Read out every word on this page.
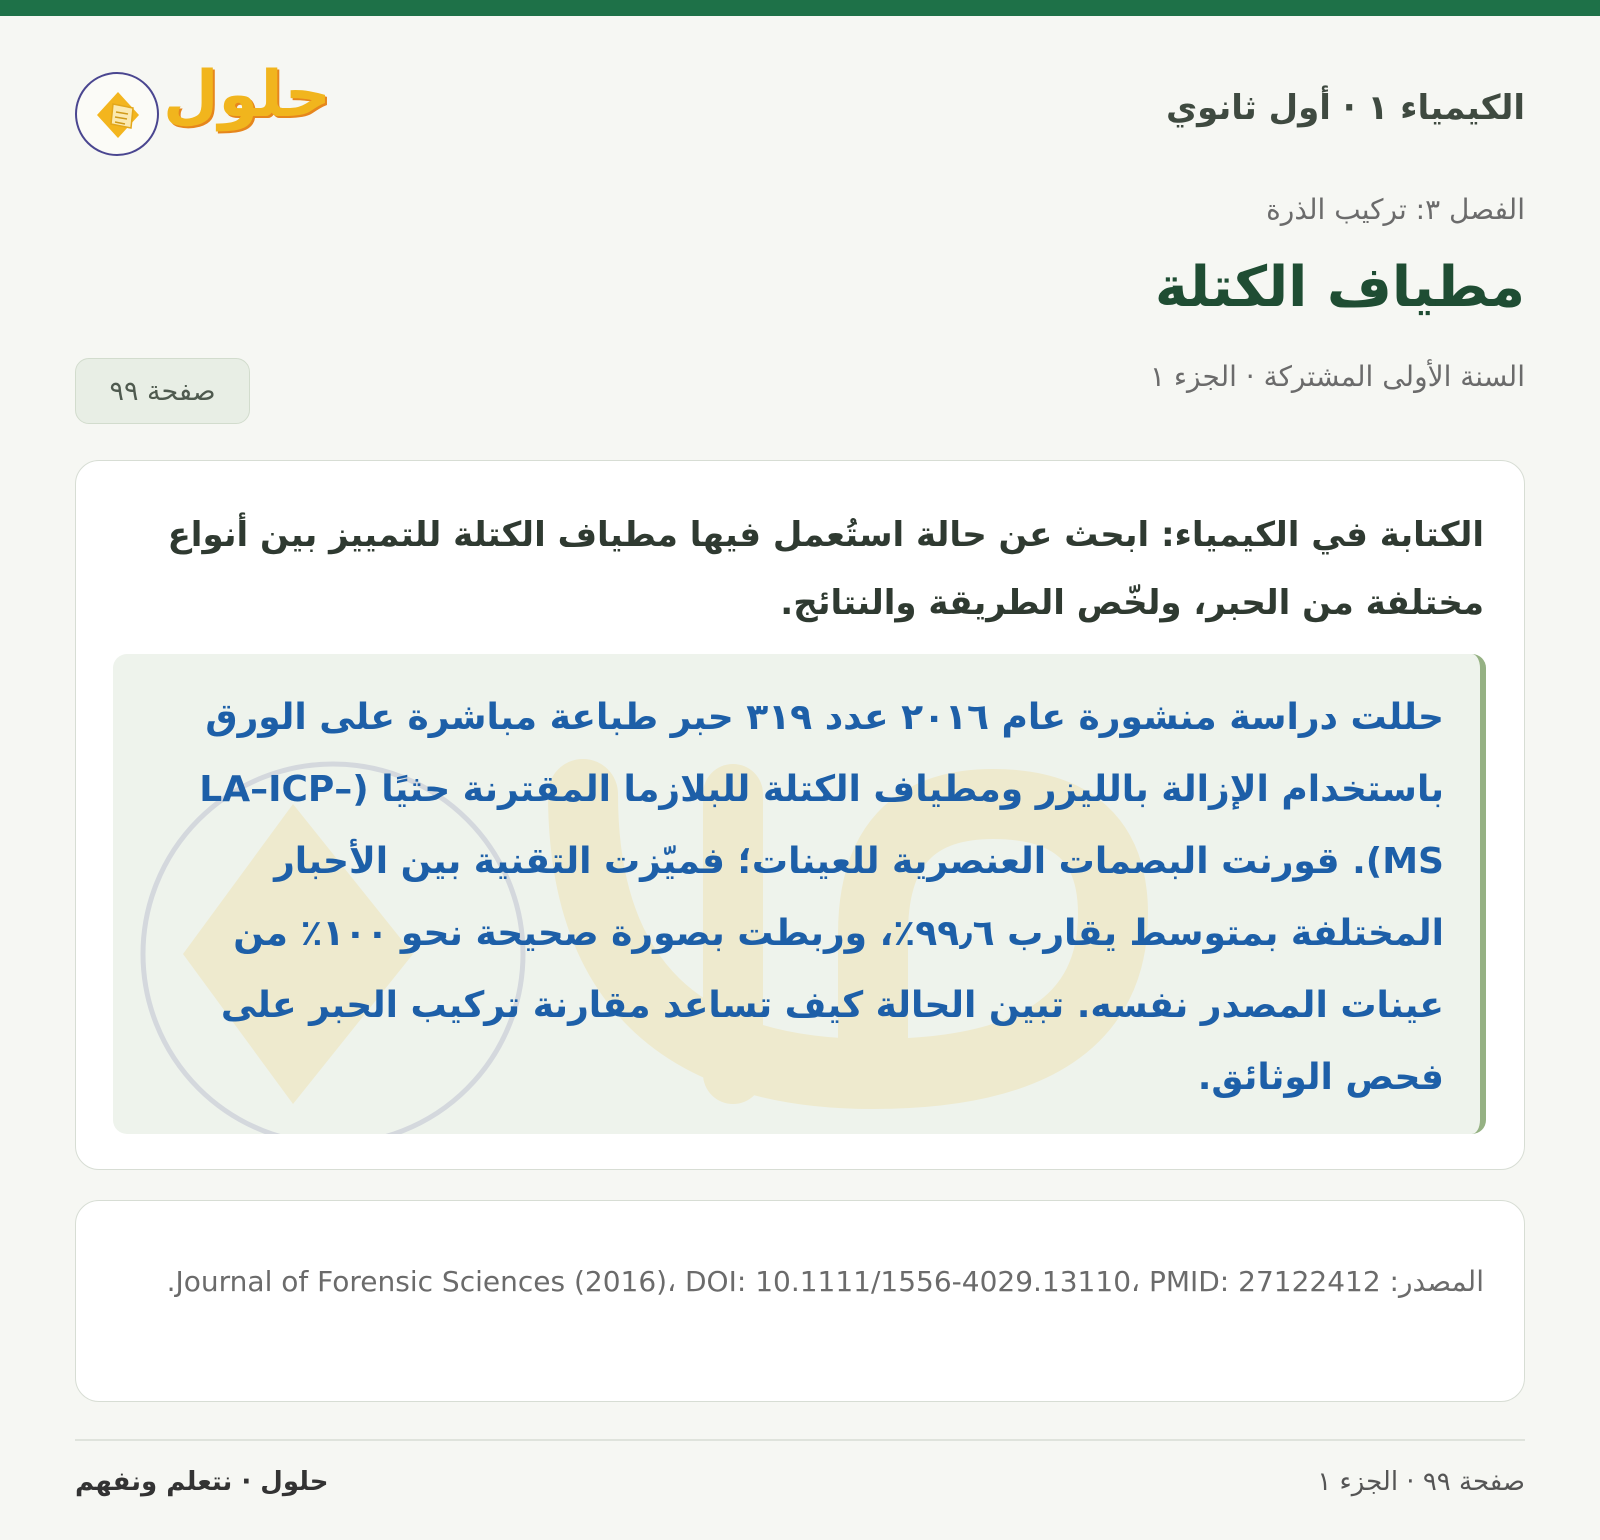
الكيمياء ١ · أول ثانوي
حلول
الفصل ٣: تركيب الذرة
مطياف الكتلة
السنة الأولى المشتركة · الجزء ١
صفحة ٩٩

الكتابة في الكيمياء: ابحث عن حالة استُعمل فيها مطياف الكتلة للتمييز بين أنواع مختلفة من الحبر، ولخّص الطريقة والنتائج.

حللت دراسة منشورة عام ٢٠١٦ عدد ٣١٩ حبر طباعة مباشرة على الورق باستخدام الإزالة بالليزر ومطياف الكتلة للبلازما المقترنة حثيًا (LA–ICP–MS). قورنت البصمات العنصرية للعينات؛ فميّزت التقنية بين الأحبار المختلفة بمتوسط يقارب ٩٩٫٦٪، وربطت بصورة صحيحة نحو ١٠٠٪ من عينات المصدر نفسه. تبين الحالة كيف تساعد مقارنة تركيب الحبر على فحص الوثائق.

المصدر: Journal of Forensic Sciences (2016)، DOI: 10.1111/1556-4029.13110، PMID: 27122412.

صفحة ٩٩ · الجزء ١
حلول · نتعلم ونفهم
